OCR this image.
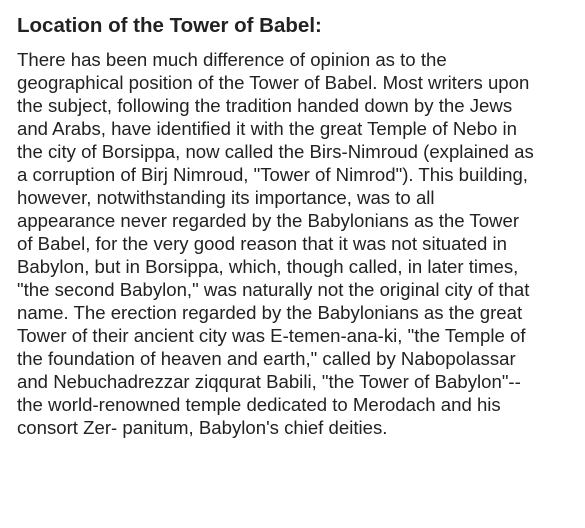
Location of the Tower of Babel:

There has been much difference of opinion as to the
geographical position of the Tower of Babel. Most writers upon
the subject, following the tradition handed down by the Jews
and Arabs, have identified it with the great Temple of Nebo in
the city of Borsippa, now called the Birs-Nimroud (explained as
a corruption of Birj Nimroud, "Tower of Nimrod"). This building,
however, notwithstanding its importance, was to all
appearance never regarded by the Babylonians as the Tower
of Babel, for the very good reason that it was not situated in
Babylon, but in Borsippa, which, though called, in later times,
"the second Babylon," was naturally not the original city of that
name. The erection regarded by the Babylonians as the great
Tower of their ancient city was E-temen-ana-ki, "the Temple of
the foundation of heaven and earth," called by Nabopolassar
and Nebuchadrezzar ziqqurat Babili, "the Tower of Babylon"--
the world-renowned temple dedicated to Merodach and his
consort Zer- panitum, Babylon's chief deities.
